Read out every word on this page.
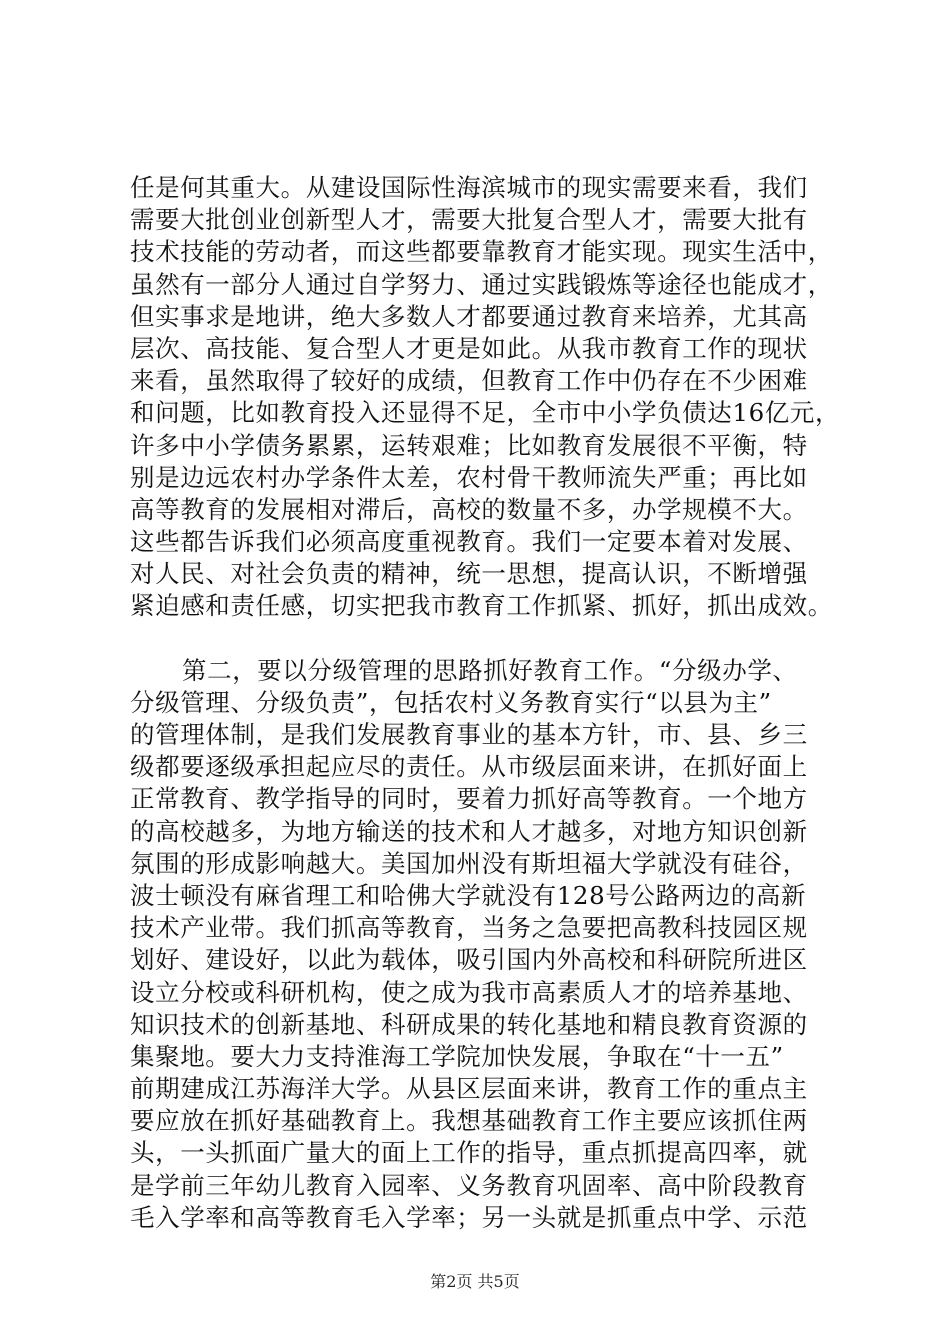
任是何其重大。从建设国际性海滨城市的现实需要来看，我们
需要大批创业创新型人才，需要大批复合型人才，需要大批有
技术技能的劳动者，而这些都要靠教育才能实现。现实生活中，
虽然有一部分人通过自学努力、通过实践锻炼等途径也能成才，
但实事求是地讲，绝大多数人才都要通过教育来培养，尤其高
层次、高技能、复合型人才更是如此。从我市教育工作的现状
来看，虽然取得了较好的成绩，但教育工作中仍存在不少困难
和问题，比如教育投入还显得不足，全市中小学负债达16亿元，
许多中小学债务累累，运转艰难；比如教育发展很不平衡，特
别是边远农村办学条件太差，农村骨干教师流失严重；再比如
高等教育的发展相对滞后，高校的数量不多，办学规模不大。
这些都告诉我们必须高度重视教育。我们一定要本着对发展、
对人民、对社会负责的精神，统一思想，提高认识，不断增强
紧迫感和责任感，切实把我市教育工作抓紧、抓好，抓出成效。
第二，要以分级管理的思路抓好教育工作。“分级办学、
分级管理、分级负责”，包括农村义务教育实行“以县为主”
的管理体制，是我们发展教育事业的基本方针，市、县、乡三
级都要逐级承担起应尽的责任。从市级层面来讲，在抓好面上
正常教育、教学指导的同时，要着力抓好高等教育。一个地方
的高校越多，为地方输送的技术和人才越多，对地方知识创新
氛围的形成影响越大。美国加州没有斯坦福大学就没有硅谷，
波士顿没有麻省理工和哈佛大学就没有128号公路两边的高新
技术产业带。我们抓高等教育，当务之急要把高教科技园区规
划好、建设好，以此为载体，吸引国内外高校和科研院所进区
设立分校或科研机构，使之成为我市高素质人才的培养基地、
知识技术的创新基地、科研成果的转化基地和精良教育资源的
集聚地。要大力支持淮海工学院加快发展，争取在“十一五”
前期建成江苏海洋大学。从县区层面来讲，教育工作的重点主
要应放在抓好基础教育上。我想基础教育工作主要应该抓住两
头，一头抓面广量大的面上工作的指导，重点抓提高四率，就
是学前三年幼儿教育入园率、义务教育巩固率、高中阶段教育
毛入学率和高等教育毛入学率；另一头就是抓重点中学、示范
第2页 共5页
